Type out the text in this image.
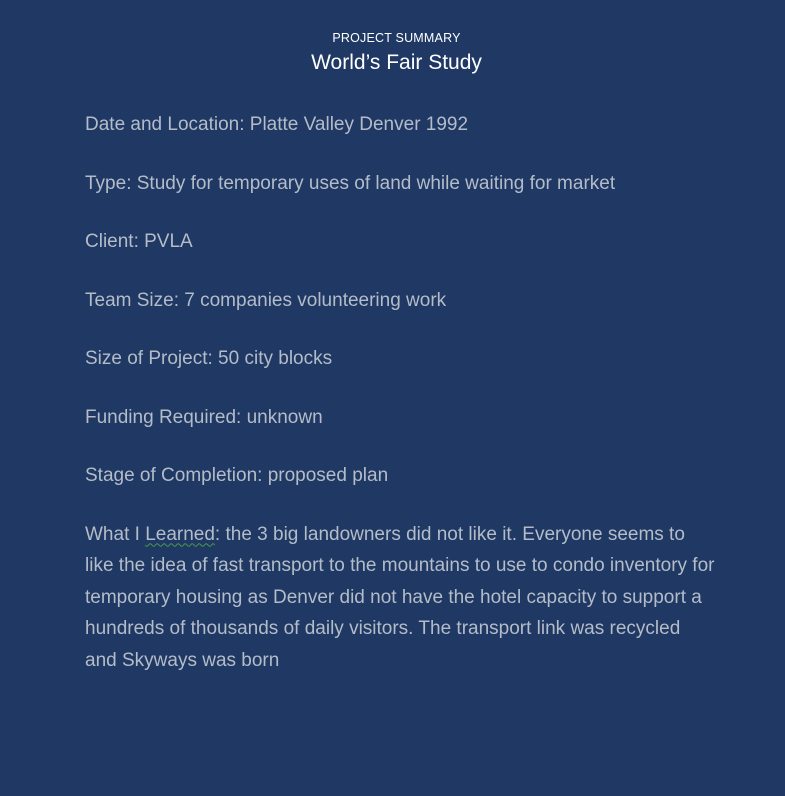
PROJECT SUMMARY
World’s Fair Study

Date and Location: Platte Valley Denver 1992

Type: Study for temporary uses of land while waiting for market

Client: PVLA

Team Size: 7 companies volunteering work

Size of Project: 50 city blocks

Funding Required: unknown

Stage of Completion: proposed plan

What I Learned: the 3 big landowners did not like it. Everyone seems to like the idea of fast transport to the mountains to use to condo inventory for temporary housing as Denver did not have the hotel capacity to support a hundreds of thousands of daily visitors. The transport link was recycled and Skyways was born
